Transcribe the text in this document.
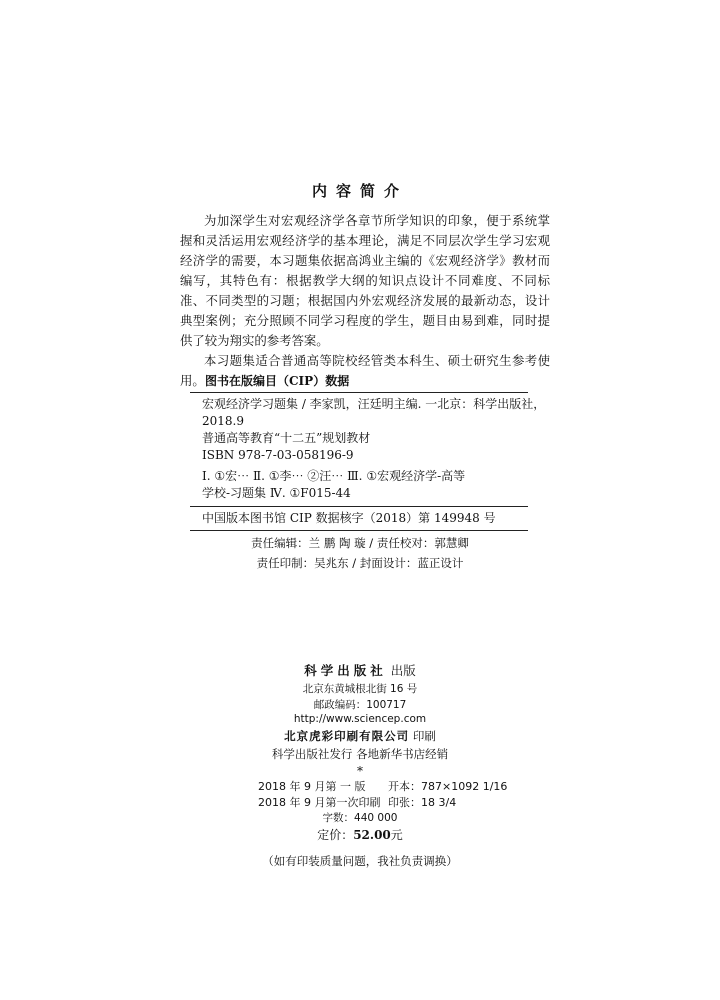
内容简介

为加深学生对宏观经济学各章节所学知识的印象，便于系统掌握和灵活运用宏观经济学的基本理论，满足不同层次学生学习宏观经济学的需要，本习题集依据高鸿业主编的《宏观经济学》教材而编写，其特色有：根据教学大纲的知识点设计不同难度、不同标准、不同类型的习题；根据国内外宏观经济发展的最新动态，设计典型案例；充分照顾不同学习程度的学生，题目由易到难，同时提供了较为翔实的参考答案。

本习题集适合普通高等院校经管类本科生、硕士研究生参考使用。 图书在版编目（CIP）数据
宏观经济学习题集 / 李家凯，汪廷明主编. 一北京：科学出版社，
2018.9
普通高等教育“十二五”规划教材
ISBN 978-7-03-058196-9
Ⅰ. ①宏⋯ Ⅱ. ①李⋯ ②汪⋯ Ⅲ. ①宏观经济学-高等
学校-习题集 Ⅳ. ①F015-44
中国版本图书馆 CIP 数据核字（2018）第 149948 号
责任编辑：兰 鹏 陶 璇 / 责任校对：郭慧卿
责任印制：吴兆东 / 封面设计：蓝正设计
科学出版社 出版
北京东黄城根北街 16 号
邮政编码：100717
http://www.sciencep.com
北京虎彩印刷有限公司 印刷
科学出版社发行 各地新华书店经销
*
2018 年 9 月第 一 版 开本：787×1092 1/16
2018 年 9 月第一次印刷 印张：18 3/4
字数：440 000
定价：52.00元
（如有印装质量问题，我社负责调换）
